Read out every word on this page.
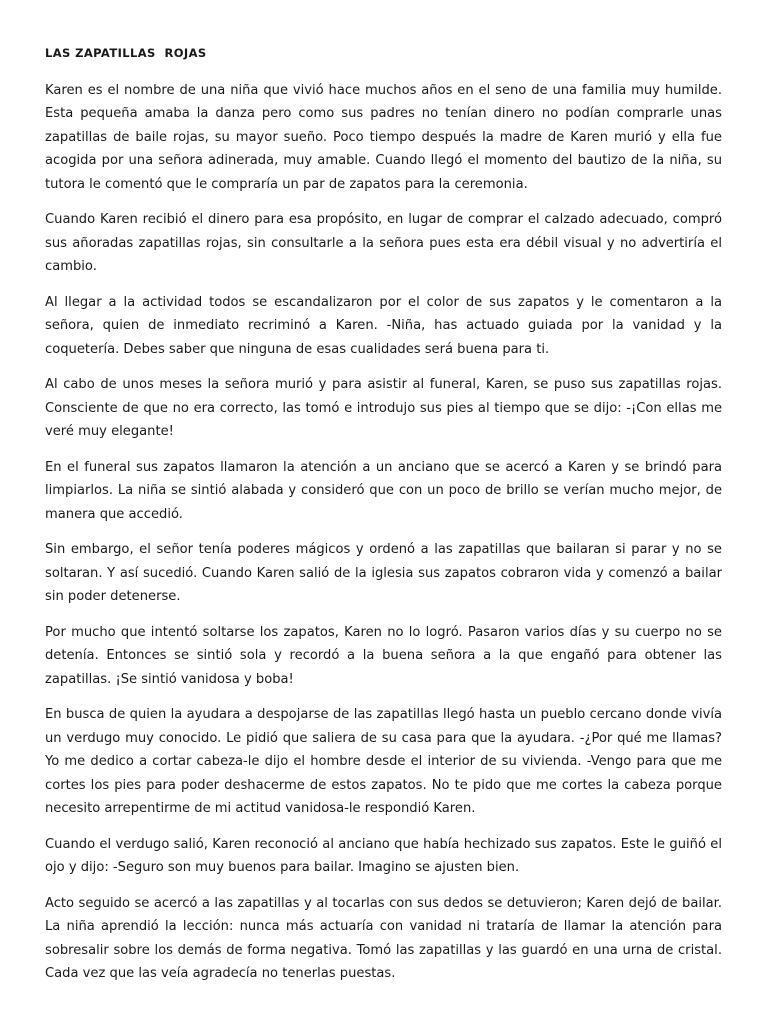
LAS ZAPATILLAS  ROJAS

Karen es el nombre de una niña que vivió hace muchos años en el seno de una familia muy humilde. Esta pequeña amaba la danza pero como sus padres no tenían dinero no podían comprarle unas zapatillas de baile rojas, su mayor sueño. Poco tiempo después la madre de Karen murió y ella fue acogida por una señora adinerada, muy amable. Cuando llegó el momento del bautizo de la niña, su tutora le comentó que le compraría un par de zapatos para la ceremonia.

Cuando Karen recibió el dinero para esa propósito, en lugar de comprar el calzado adecuado, compró sus añoradas zapatillas rojas, sin consultarle a la señora pues esta era débil visual y no advertiría el cambio.

Al llegar a la actividad todos se escandalizaron por el color de sus zapatos y le comentaron a la señora, quien de inmediato recriminó a Karen. -Niña, has actuado guiada por la vanidad y la coquetería. Debes saber que ninguna de esas cualidades será buena para ti.

Al cabo de unos meses la señora murió y para asistir al funeral, Karen, se puso sus zapatillas rojas. Consciente de que no era correcto, las tomó e introdujo sus pies al tiempo que se dijo: -¡Con ellas me veré muy elegante!

En el funeral sus zapatos llamaron la atención a un anciano que se acercó a Karen y se brindó para limpiarlos. La niña se sintió alabada y consideró que con un poco de brillo se verían mucho mejor, de manera que accedió.

Sin embargo, el señor tenía poderes mágicos y ordenó a las zapatillas que bailaran si parar y no se soltaran. Y así sucedió. Cuando Karen salió de la iglesia sus zapatos cobraron vida y comenzó a bailar sin poder detenerse.

Por mucho que intentó soltarse los zapatos, Karen no lo logró. Pasaron varios días y su cuerpo no se detenía. Entonces se sintió sola y recordó a la buena señora a la que engañó para obtener las zapatillas. ¡Se sintió vanidosa y boba!

En busca de quien la ayudara a despojarse de las zapatillas llegó hasta un pueblo cercano donde vivía un verdugo muy conocido. Le pidió que saliera de su casa para que la ayudara. -¿Por qué me llamas? Yo me dedico a cortar cabeza-le dijo el hombre desde el interior de su vivienda. -Vengo para que me cortes los pies para poder deshacerme de estos zapatos. No te pido que me cortes la cabeza porque necesito arrepentirme de mi actitud vanidosa-le respondió Karen.

Cuando el verdugo salió, Karen reconoció al anciano que había hechizado sus zapatos. Este le guiñó el ojo y dijo: -Seguro son muy buenos para bailar. Imagino se ajusten bien.

Acto seguido se acercó a las zapatillas y al tocarlas con sus dedos se detuvieron; Karen dejó de bailar. La niña aprendió la lección: nunca más actuaría con vanidad ni trataría de llamar la atención para sobresalir sobre los demás de forma negativa. Tomó las zapatillas y las guardó en una urna de cristal. Cada vez que las veía agradecía no tenerlas puestas.
